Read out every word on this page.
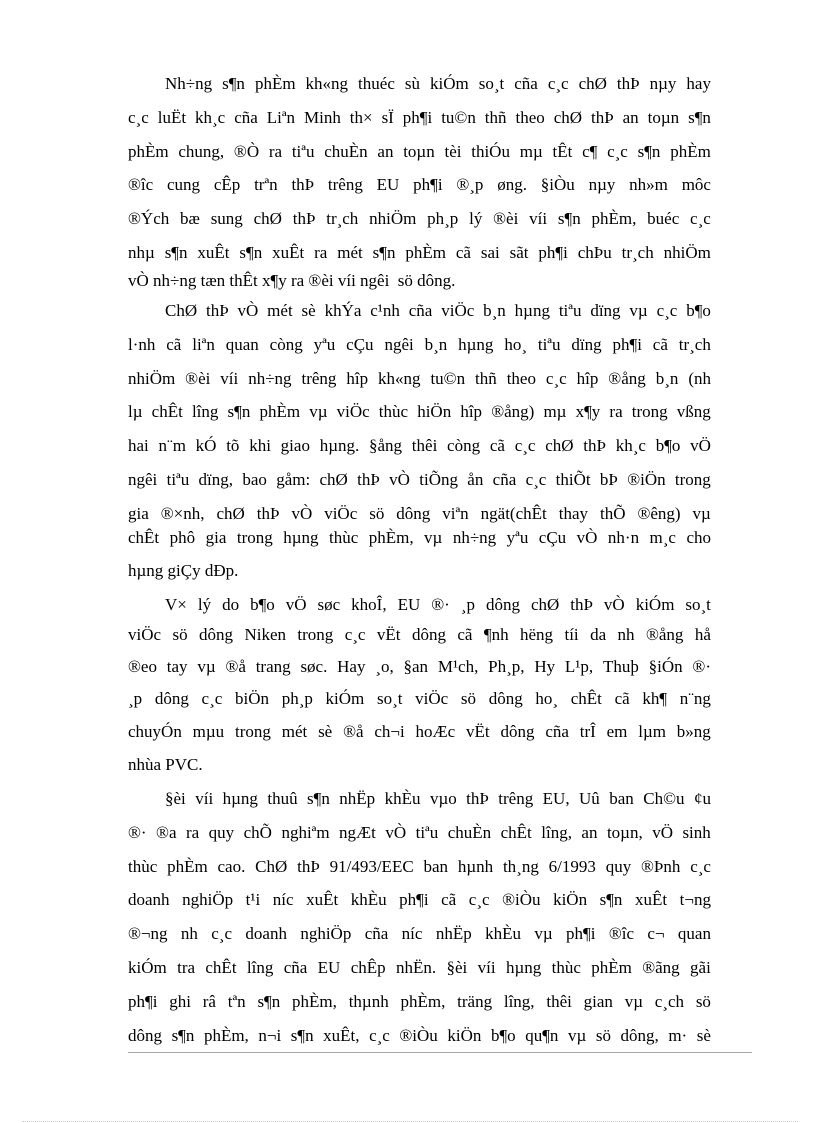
Nh÷ng s¶n phÈm kh«ng thuéc sù kiÓm so¸t cña c¸c chØ thÞ nµy hay
c¸c luËt kh¸c cña Liªn Minh th× sÏ ph¶i tu©n thñ theo chØ thÞ an toµn s¶n
phÈm chung, ®Ò ra tiªu chuÈn an toµn tèi thiÓu mµ tÊt c¶ c¸c s¶n phÈm
®îc cung cÊp trªn thÞ trêng EU ph¶i ®¸p øng. §iÒu nµy nh»m môc
®Ých bæ sung chØ thÞ tr¸ch nhiÖm ph¸p lý ®èi víi s¶n phÈm, buéc c¸c
nhµ s¶n xuÊt s¶n xuÊt ra mét s¶n phÈm cã sai sãt ph¶i chÞu tr¸ch nhiÖm
vÒ nh÷ng tæn thÊt x¶y ra ®èi víi ngêi  sö dông.
ChØ thÞ vÒ mét sè khÝa c¹nh cña viÖc b¸n hµng tiªu dïng vµ c¸c b¶o
l·nh cã liªn quan còng yªu cÇu ngêi b¸n hµng ho¸ tiªu dïng ph¶i cã tr¸ch
nhiÖm ®èi víi nh÷ng trêng hîp kh«ng tu©n thñ theo c¸c hîp ®ång b¸n (nh
lµ chÊt lîng s¶n phÈm vµ viÖc thùc hiÖn hîp ®ång) mµ x¶y ra trong vßng
hai n¨m kÓ tõ khi giao hµng. §ång thêi còng cã c¸c chØ thÞ kh¸c b¶o vÖ
ngêi tiªu dïng, bao gåm: chØ thÞ vÒ tiÕng ån cña c¸c thiÕt bÞ ®iÖn trong
gia ®×nh, chØ thÞ vÒ viÖc sö dông viªn ngät(chÊt thay thÕ ®êng) vµ
chÊt phô gia trong hµng thùc phÈm, vµ nh÷ng yªu cÇu vÒ nh·n m¸c cho
hµng giÇy dÐp.
V× lý do b¶o vÖ søc khoÎ, EU ®· ¸p dông chØ thÞ vÒ kiÓm so¸t
viÖc sö dông Niken trong c¸c vËt dông cã ¶nh hëng tíi da nh ®ång hå
®eo tay vµ ®å trang søc. Hay ¸o, §an M¹ch, Ph¸p, Hy L¹p, Thuþ §iÓn ®·
¸p dông c¸c biÖn ph¸p kiÓm so¸t viÖc sö dông ho¸ chÊt cã kh¶ n¨ng
chuyÓn mµu trong mét sè ®å ch¬i hoÆc vËt dông cña trÎ em lµm b»ng
nhùa PVC.
§èi víi hµng thuû s¶n nhËp khÈu vµo thÞ trêng EU, Uû ban Ch©u ¢u
®· ®a ra quy chÕ nghiªm ngÆt vÒ tiªu chuÈn chÊt lîng, an toµn, vÖ sinh
thùc phÈm cao. ChØ thÞ 91/493/EEC ban hµnh th¸ng 6/1993 quy ®Þnh c¸c
doanh nghiÖp t¹i níc xuÊt khÈu ph¶i cã c¸c ®iÒu kiÖn s¶n xuÊt t¬ng
®¬ng nh c¸c doanh nghiÖp cña níc nhËp khÈu vµ ph¶i ®îc c¬ quan
kiÓm tra chÊt lîng cña EU chÊp nhËn. §èi víi hµng thùc phÈm ®ãng gãi
ph¶i ghi râ tªn s¶n phÈm, thµnh phÈm, träng lîng, thêi gian vµ c¸ch sö
dông s¶n phÈm, n¬i s¶n xuÊt, c¸c ®iÒu kiÖn b¶o qu¶n vµ sö dông, m· sè
